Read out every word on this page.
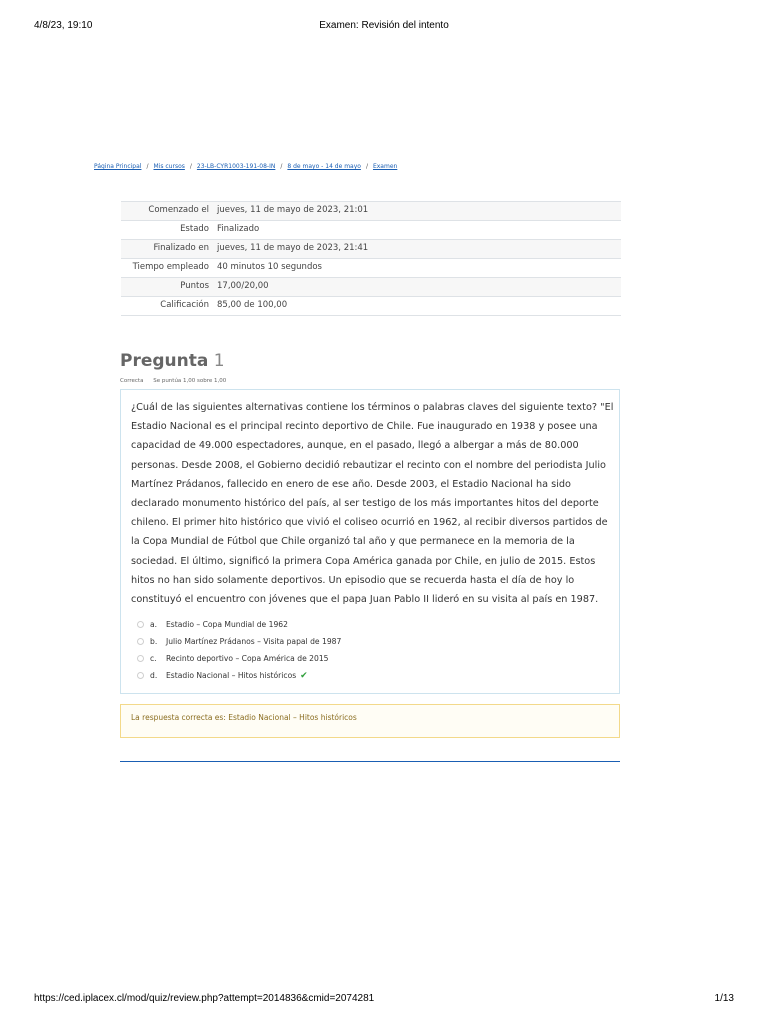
4/8/23, 19:10	Examen: Revisión del intento
Página Principal / Mis cursos / 23-LB-CYR1003-191-08-IN / 8 de mayo - 14 de mayo / Examen
Comenzado el	jueves, 11 de mayo de 2023, 21:01
Estado	Finalizado
Finalizado en	jueves, 11 de mayo de 2023, 21:41
Tiempo empleado	40 minutos 10 segundos
Puntos	17,00/20,00
Calificación	85,00 de 100,00
Pregunta 1
Correcta Se puntúa 1,00 sobre 1,00
¿Cuál de las siguientes alternativas contiene los términos o palabras claves del siguiente texto? "El Estadio Nacional es el principal recinto deportivo de Chile. Fue inaugurado en 1938 y posee una capacidad de 49.000 espectadores, aunque, en el pasado, llegó a albergar a más de 80.000 personas. Desde 2008, el Gobierno decidió rebautizar el recinto con el nombre del periodista Julio Martínez Prádanos, fallecido en enero de ese año. Desde 2003, el Estadio Nacional ha sido declarado monumento histórico del país, al ser testigo de los más importantes hitos del deporte chileno. El primer hito histórico que vivió el coliseo ocurrió en 1962, al recibir diversos partidos de la Copa Mundial de Fútbol que Chile organizó tal año y que permanece en la memoria de la sociedad. El último, significó la primera Copa América ganada por Chile, en julio de 2015. Estos hitos no han sido solamente deportivos. Un episodio que se recuerda hasta el día de hoy lo constituyó el encuentro con jóvenes que el papa Juan Pablo II lideró en su visita al país en 1987.
a.	Estadio – Copa Mundial de 1962
b.	Julio Martínez Prádanos – Visita papal de 1987
c.	Recinto deportivo – Copa América de 2015
d.	Estadio Nacional – Hitos históricos ✔
La respuesta correcta es: Estadio Nacional – Hitos históricos
https://ced.iplacex.cl/mod/quiz/review.php?attempt=2014836&cmid=2074281	1/13
